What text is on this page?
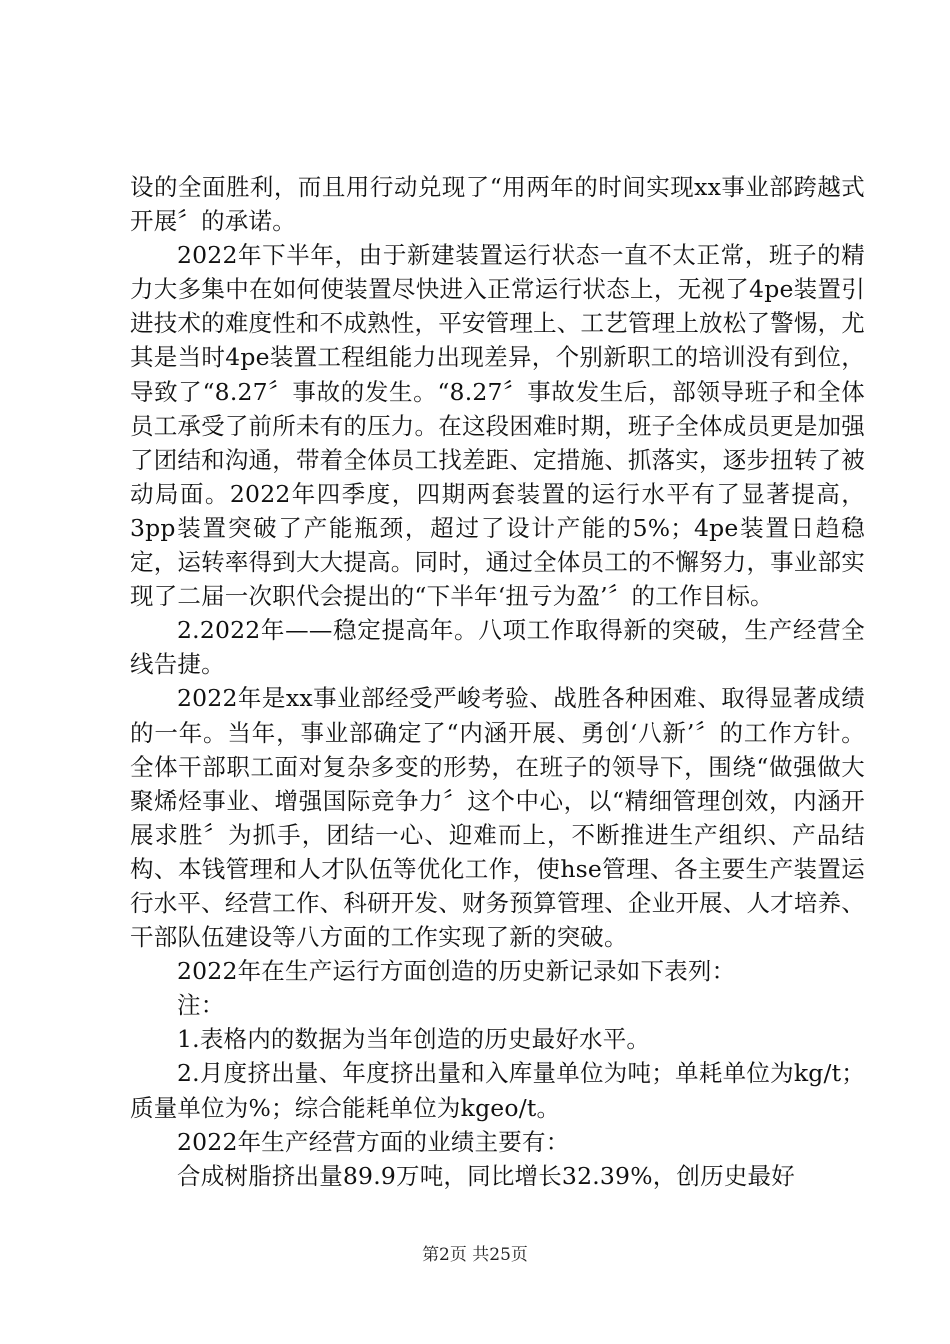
设的全面胜利，而且用行动兑现了“用两年的时间实现xx事业部跨越式开展〞的承诺。

2022年下半年，由于新建装置运行状态一直不太正常，班子的精力大多集中在如何使装置尽快进入正常运行状态上，无视了4pe装置引进技术的难度性和不成熟性，平安管理上、工艺管理上放松了警惕，尤其是当时4pe装置工程组能力出现差异，个别新职工的培训没有到位，导致了“8.27〞事故的发生。“8.27〞事故发生后，部领导班子和全体员工承受了前所未有的压力。在这段困难时期，班子全体成员更是加强了团结和沟通，带着全体员工找差距、定措施、抓落实，逐步扭转了被动局面。2022年四季度，四期两套装置的运行水平有了显著提高，3pp装置突破了产能瓶颈，超过了设计产能的5%；4pe装置日趋稳定，运转率得到大大提高。同时，通过全体员工的不懈努力，事业部实现了二届一次职代会提出的“下半年‘扭亏为盈’〞的工作目标。

2.2022年——稳定提高年。八项工作取得新的突破，生产经营全线告捷。

2022年是xx事业部经受严峻考验、战胜各种困难、取得显著成绩的一年。当年，事业部确定了“内涵开展、勇创‘八新’〞的工作方针。全体干部职工面对复杂多变的形势，在班子的领导下，围绕“做强做大聚烯烃事业、增强国际竞争力〞这个中心，以“精细管理创效，内涵开展求胜〞为抓手，团结一心、迎难而上，不断推进生产组织、产品结构、本钱管理和人才队伍等优化工作，使hse管理、各主要生产装置运行水平、经营工作、科研开发、财务预算管理、企业开展、人才培养、干部队伍建设等八方面的工作实现了新的突破。

2022年在生产运行方面创造的历史新记录如下表列：

注：

1.表格内的数据为当年创造的历史最好水平。

2.月度挤出量、年度挤出量和入库量单位为吨；单耗单位为kg/t；质量单位为%；综合能耗单位为kgeo/t。

2022年生产经营方面的业绩主要有：

合成树脂挤出量89.9万吨，同比增长32.39%，创历史最好

第2页 共25页
